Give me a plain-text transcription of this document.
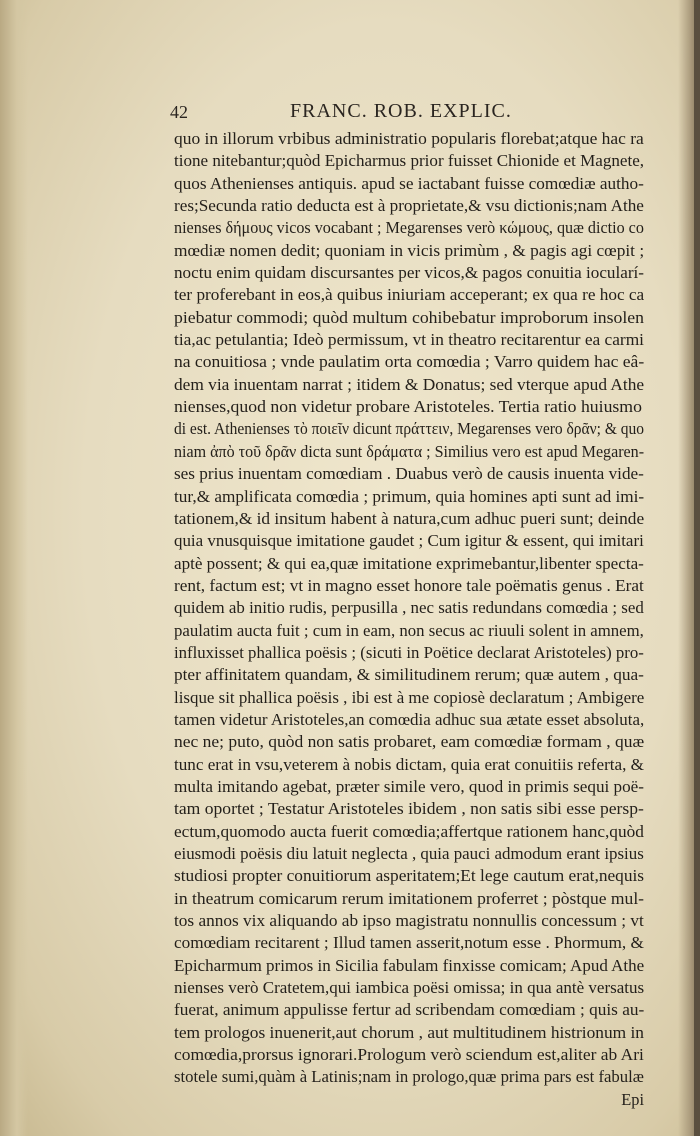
42	FRANC. ROB. EXPLIC.
quo in illorum vrbibus administratio popularis florebat;atque hac ra
tione nitebantur;quòd Epicharmus prior fuisset Chionide et Magnete,
quos Athenienses antiquis. apud se iactabant fuisse comœdiæ autho-
res;Secunda ratio deducta est à proprietate,& vsu dictionis;nam Athe
nienses δήμους vicos vocabant ; Megarenses verò κώμους, quæ dictio co
mœdiæ nomen dedit; quoniam in vicis primùm , & pagis agi cœpit ;
noctu enim quidam discursantes per vicos,& pagos conuitia iocularí-
ter proferebant in eos,à quibus iniuriam acceperant; ex qua re hoc ca
piebatur commodi; quòd multum cohibebatur improborum insolen
tia,ac petulantia; Ideò permissum, vt in theatro recitarentur ea carmi
na conuitiosa ; vnde paulatim orta comœdia ; Varro quidem hac eâ-
dem via inuentam narrat ; itidem & Donatus; sed vterque apud Athe
nienses,quod non videtur probare Aristoteles. Tertia ratio huiusmo
di est. Athenienses τὸ ποιεῖν dicunt πράττειν, Megarenses vero δρᾶν; & quo
niam ἀπὸ τοῦ δρᾶν dicta sunt δράματα ; Similius vero est apud Megaren-
ses prius inuentam comœdiam . Duabus verò de causis inuenta vide-
tur,& amplificata comœdia ; primum, quia homines apti sunt ad imi-
tationem,& id insitum habent à natura,cum adhuc pueri sunt; deinde
quia vnusquisque imitatione gaudet ; Cum igitur & essent, qui imitari
aptè possent; & qui ea,quæ imitatione exprimebantur,libenter specta-
rent, factum est; vt in magno esset honore tale poëmatis genus . Erat
quidem ab initio rudis, perpusilla , nec satis redundans comœdia ; sed
paulatim aucta fuit ; cum in eam, non secus ac riuuli solent in amnem,
influxisset phallica poësis ; (sicuti in Poëtice declarat Aristoteles) pro-
pter affinitatem quandam, & similitudinem rerum; quæ autem , qua-
lisque sit phallica poësis , ibi est à me copiosè declaratum ; Ambigere
tamen videtur Aristoteles,an comœdia adhuc sua ætate esset absoluta,
nec ne; puto, quòd non satis probaret, eam comœdiæ formam , quæ
tunc erat in vsu,veterem à nobis dictam, quia erat conuitiis referta, &
multa imitando agebat, præter simile vero, quod in primis sequi poë-
tam oportet ; Testatur Aristoteles ibidem , non satis sibi esse persp-
ectum,quomodo aucta fuerit comœdia;affertque rationem hanc,quòd
eiusmodi poësis diu latuit neglecta , quia pauci admodum erant ipsius
studiosi propter conuitiorum asperitatem;Et lege cautum erat,nequis
in theatrum comicarum rerum imitationem proferret ; pòstque mul-
tos annos vix aliquando ab ipso magistratu nonnullis concessum ; vt
comœdiam recitarent ; Illud tamen asserit,notum esse . Phormum, &
Epicharmum primos in Sicilia fabulam finxisse comicam; Apud Athe
nienses verò Cratetem,qui iambica poësi omissa; in qua antè versatus
fuerat, animum appulisse fertur ad scribendam comœdiam ; quis au-
tem prologos inuenerit,aut chorum , aut multitudinem histrionum in
comœdia,prorsus ignorari.Prologum verò sciendum est,aliter ab Ari
stotele sumi,quàm à Latinis;nam in prologo,quæ prima pars est fabulæ
Epi
